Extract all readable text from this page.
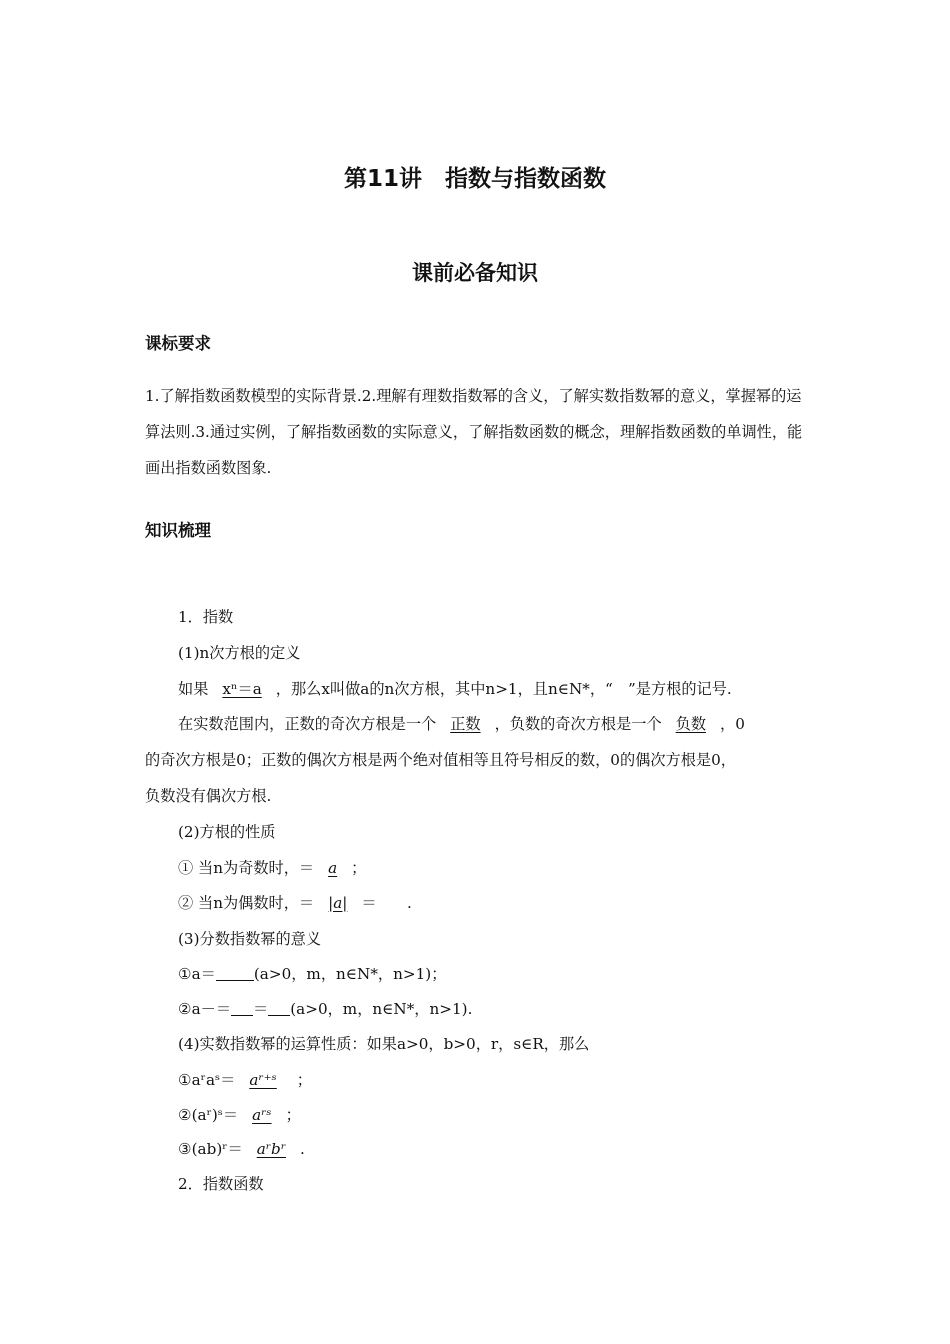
第11讲　指数与指数函数
课前必备知识
课标要求
1.了解指数函数模型的实际背景.2.理解有理数指数幂的含义，了解实数指数幂的意义，掌握幂的运算法则.3.通过实例，了解指数函数的实际意义，了解指数函数的概念，理解指数函数的单调性，能画出指数函数图象.
知识梳理
1．指数
(1)n次方根的定义
如果 xⁿ＝a ，那么x叫做a的n次方根，其中n>1，且n∈N*，“　”是方根的记号.
在实数范围内，正数的奇次方根是一个 正数 ，负数的奇次方根是一个 负数 ，0
的奇次方根是0；正数的偶次方根是两个绝对值相等且符号相反的数，0的偶次方根是0，
负数没有偶次方根.
(2)方根的性质
① 当n为奇数时，＝ a ；
② 当n为偶数时，＝ |a| ＝　　.
(3)分数指数幂的意义
①a＝	(a>0，m，n∈N*，n>1)；
②a－＝ ＝ (a>0，m，n∈N*，n>1).
(4)实数指数幂的运算性质：如果a>0，b>0，r，s∈R，那么
①aʳaˢ＝ aʳ⁺ˢ ；
②(aʳ)ˢ＝ aʳˢ ；
③(ab)ʳ＝ aʳbʳ .
2．指数函数
